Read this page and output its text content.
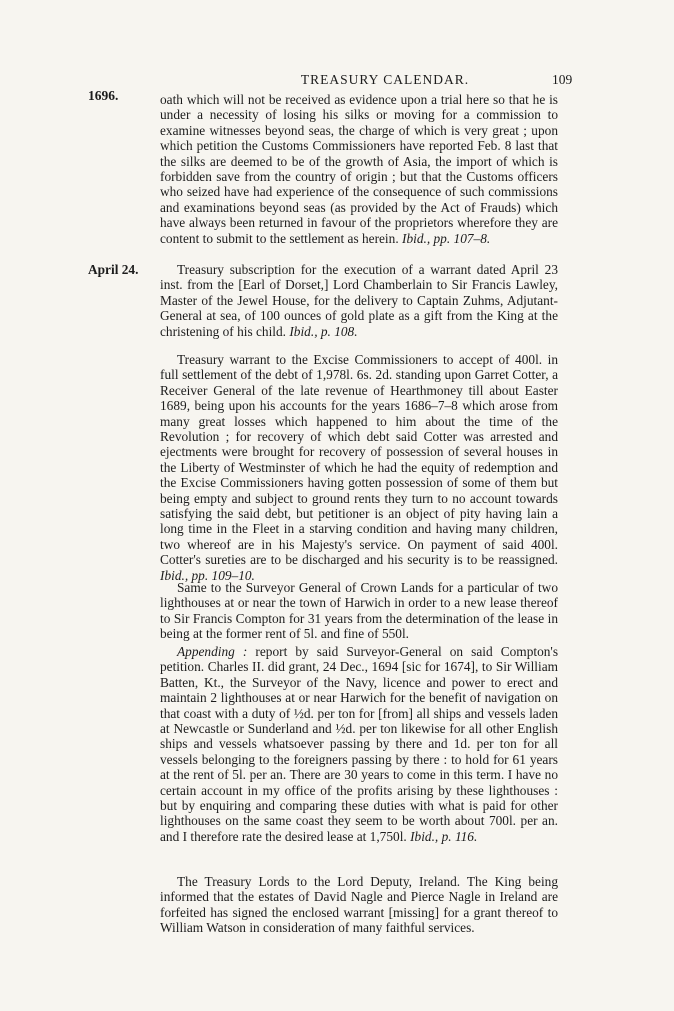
1696.
TREASURY CALENDAR.	109

oath which will not be received as evidence upon a trial here so that he is under a necessity of losing his silks or moving for a commission to examine witnesses beyond seas, the charge of which is very great ; upon which petition the Customs Commissioners have reported Feb. 8 last that the silks are deemed to be of the growth of Asia, the import of which is forbidden save from the country of origin ; but that the Customs officers who seized have had experience of the consequence of such commissions and examinations beyond seas (as provided by the Act of Frauds) which have always been returned in favour of the proprietors wherefore they are content to submit to the settlement as herein. Ibid., pp. 107–8.

April 24.	Treasury subscription for the execution of a warrant dated April 23 inst. from the [Earl of Dorset,] Lord Chamberlain to Sir Francis Lawley, Master of the Jewel House, for the delivery to Captain Zuhms, Adjutant-General at sea, of 100 ounces of gold plate as a gift from the King at the christening of his child. Ibid., p. 108.

Treasury warrant to the Excise Commissioners to accept of 400l. in full settlement of the debt of 1,978l. 6s. 2d. standing upon Garret Cotter, a Receiver General of the late revenue of Hearthmoney till about Easter 1689, being upon his accounts for the years 1686–7–8 which arose from many great losses which happened to him about the time of the Revolution ; for recovery of which debt said Cotter was arrested and ejectments were brought for recovery of possession of several houses in the Liberty of Westminster of which he had the equity of redemption and the Excise Commissioners having gotten possession of some of them but being empty and subject to ground rents they turn to no account towards satisfying the said debt, but petitioner is an object of pity having lain a long time in the Fleet in a starving condition and having many children, two whereof are in his Majesty's service. On payment of said 400l. Cotter's sureties are to be discharged and his security is to be reassigned. Ibid., pp. 109–10.

Same to the Surveyor General of Crown Lands for a particular of two lighthouses at or near the town of Harwich in order to a new lease thereof to Sir Francis Compton for 31 years from the determination of the lease in being at the former rent of 5l. and fine of 550l.

Appending : report by said Surveyor-General on said Compton's petition. Charles II. did grant, 24 Dec., 1694 [sic for 1674], to Sir William Batten, Kt., the Surveyor of the Navy, licence and power to erect and maintain 2 lighthouses at or near Harwich for the benefit of navigation on that coast with a duty of ½d. per ton for [from] all ships and vessels laden at Newcastle or Sunderland and ½d. per ton likewise for all other English ships and vessels whatsoever passing by there and 1d. per ton for all vessels belonging to the foreigners passing by there : to hold for 61 years at the rent of 5l. per an. There are 30 years to come in this term. I have no certain account in my office of the profits arising by these lighthouses : but by enquiring and comparing these duties with what is paid for other lighthouses on the same coast they seem to be worth about 700l. per an. and I therefore rate the desired lease at 1,750l. Ibid., p. 116.

The Treasury Lords to the Lord Deputy, Ireland. The King being informed that the estates of David Nagle and Pierce Nagle in Ireland are forfeited has signed the enclosed warrant [missing] for a grant thereof to William Watson in consideration of many faithful services.
